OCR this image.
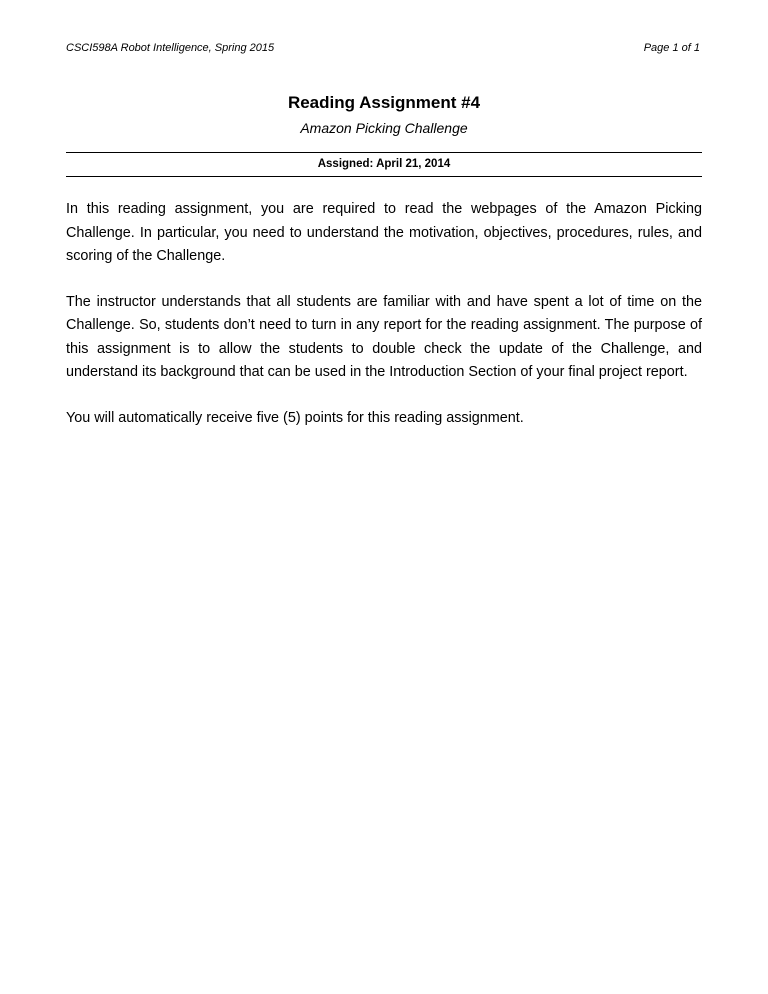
CSCI598A Robot Intelligence, Spring 2015	Page 1 of 1
Reading Assignment #4
Amazon Picking Challenge
Assigned: April 21, 2014

In this reading assignment, you are required to read the webpages of the Amazon Picking Challenge. In particular, you need to understand the motivation, objectives, procedures, rules, and scoring of the Challenge.

The instructor understands that all students are familiar with and have spent a lot of time on the Challenge. So, students don’t need to turn in any report for the reading assignment. The purpose of this assignment is to allow the students to double check the update of the Challenge, and understand its background that can be used in the Introduction Section of your final project report.

You will automatically receive five (5) points for this reading assignment.
